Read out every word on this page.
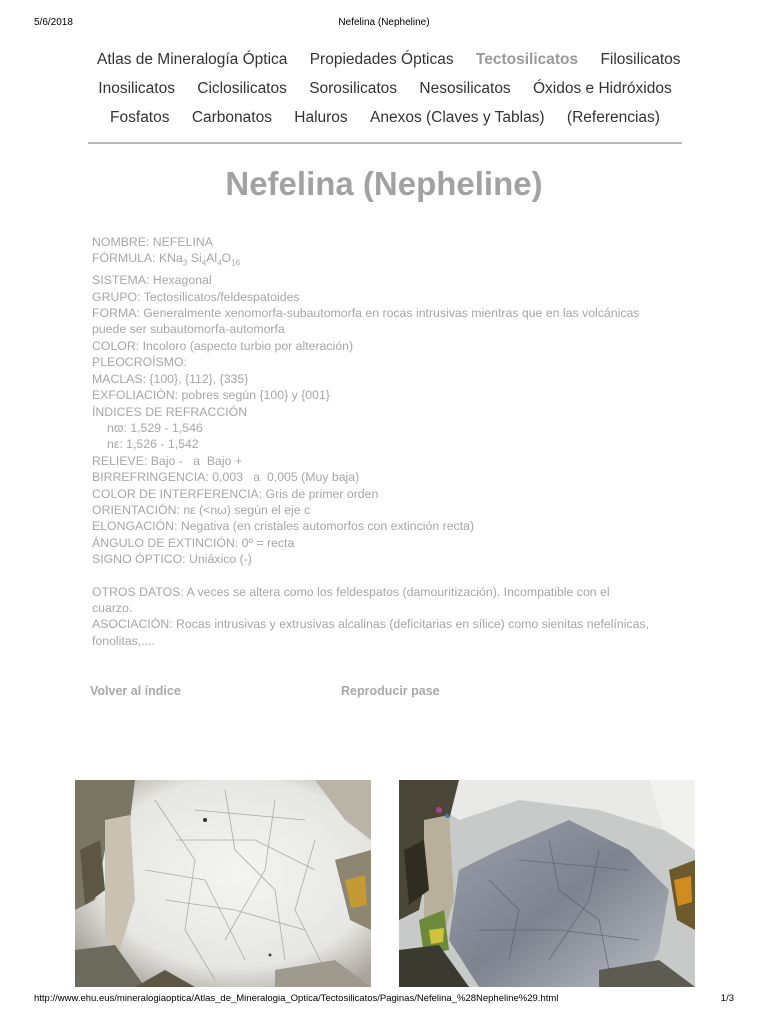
5/6/2018	Nefelina (Nepheline)
Atlas de Mineralogía Óptica Propiedades Ópticas Tectosilicatos Filosilicatos
Inosilicatos Ciclosilicatos Sorosilicatos Nesosilicatos Óxidos e Hidróxidos
Fosfatos Carbonatos Haluros Anexos (Claves y Tablas) (Referencias)
Nefelina (Nepheline)
NOMBRE: NEFELINA
FÓRMULA: KNa$_3$ $Si_4Al_4O_{16}$
SISTEMA: Hexagonal
GRUPO: Tectosilicatos/feldespatoides
FORMA: Generalmente xenomorfa-subautomorfa en rocas intrusivas mientras que en las volcánicas puede ser subautomorfa-automorfa
COLOR: Incoloro (aspecto turbio por alteración)
PLEOCROÍSMO:
MACLAS: {100}, {112}, {335}
EXFOLIACIÓN: pobres según {100} y {001}
ÍNDICES DE REFRACCIÓN
nϖ: 1,529 - 1,546
nε: 1,526 - 1,542
RELIEVE: Bajo -   a  Bajo +
BIRREFRINGENCIA: 0,003   a  0,005 (Muy baja)
COLOR DE INTERFERENCIA: Gris de primer orden
ORIENTACIÓN: nε (<nω) según el eje c
ELONGACIÓN: Negativa (en cristales automorfos con extinción recta)
ÁNGULO DE EXTINCIÓN: 0º = recta
SIGNO ÓPTICO: Uniáxico (-)
OTROS DATOS: A veces se altera como los feldespatos (damouritización). Incompatible con el cuarzo.
ASOCIACIÓN: Rocas intrusivas y extrusivas alcalinas (deficitarias en sílice) como sienitas nefelínicas, fonolitas,....
Volver al índice	Reproducir pase
http://www.ehu.eus/mineralogiaoptica/Atlas_de_Mineralogia_Optica/Tectosilicatos/Paginas/Nefelina_%28Nepheline%29.html	1/3
